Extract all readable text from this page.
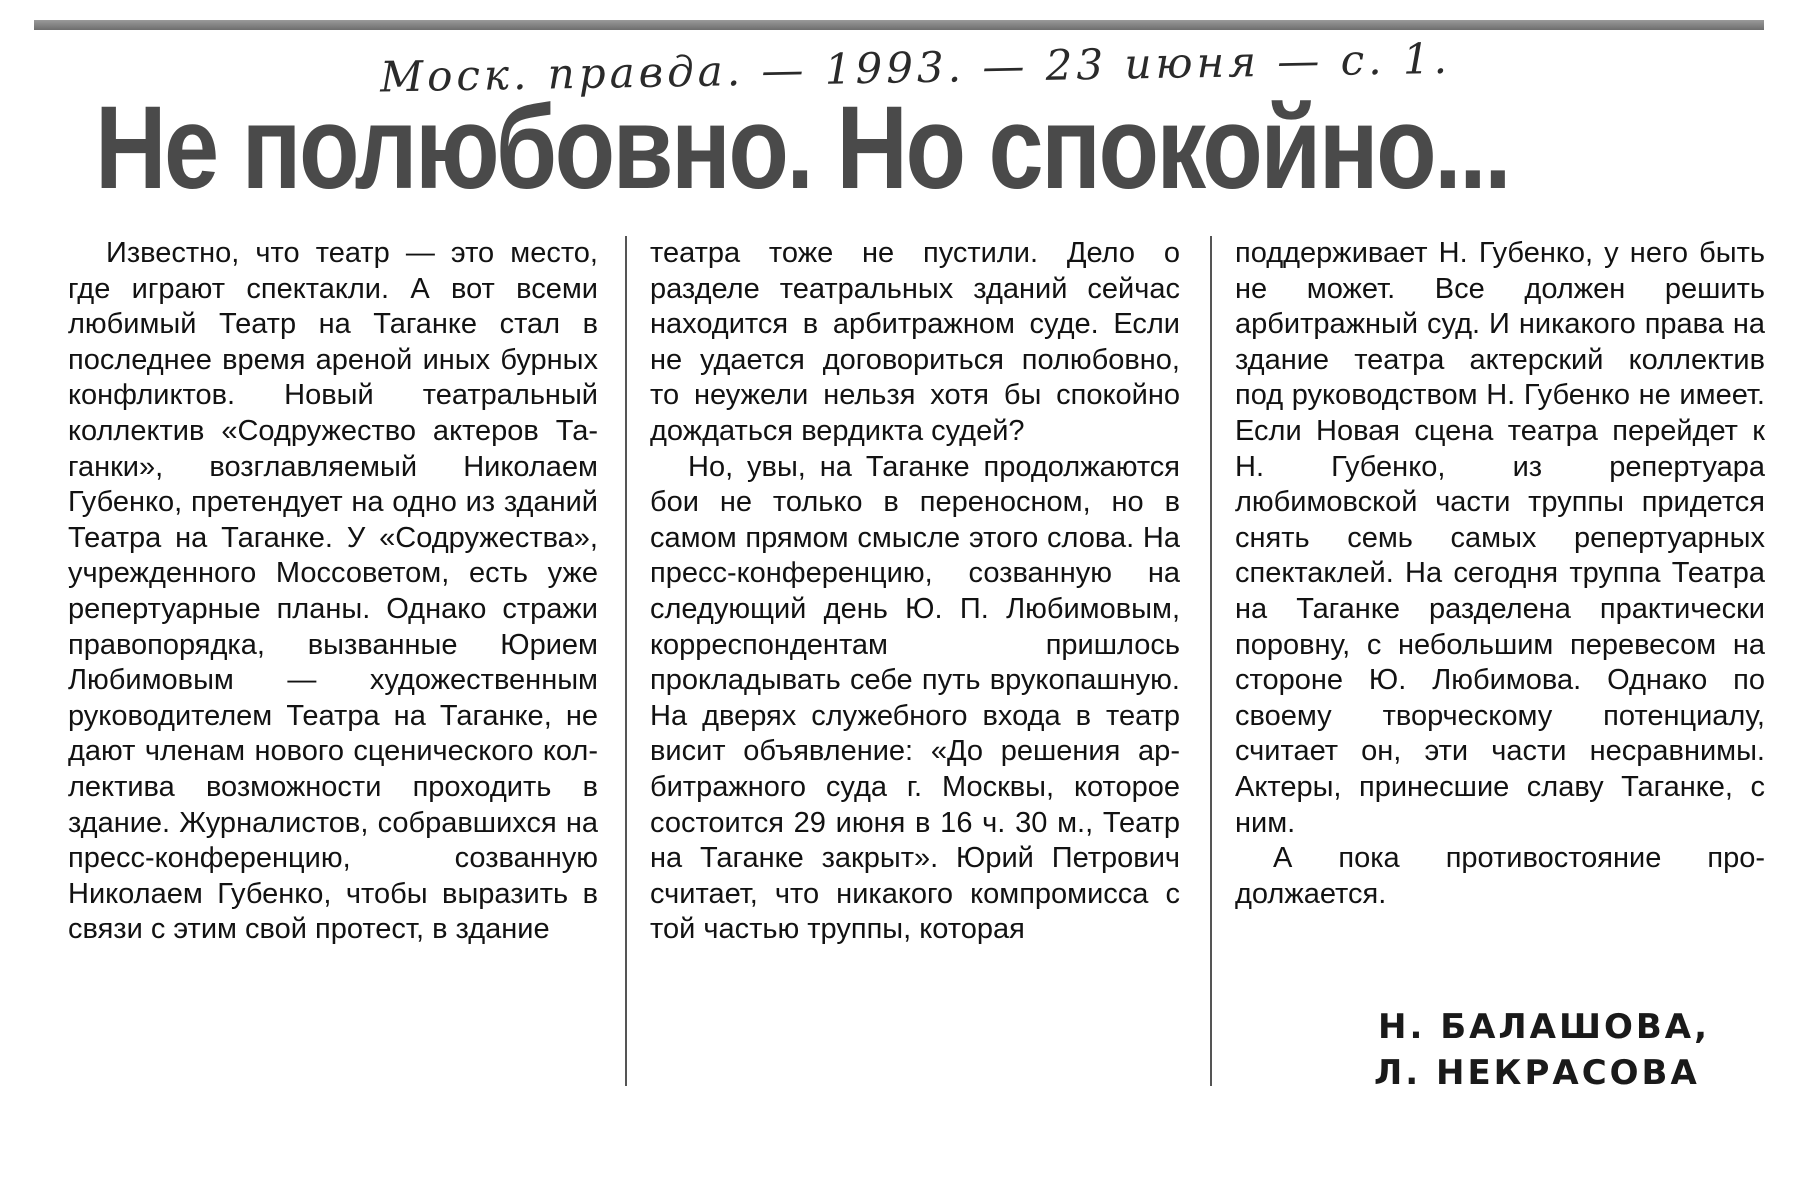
Моск. правда. — 1993. — 23 июня — с. 1.
Не полюбовно. Но спокойно...

Известно, что театр — это место, где играют спектакли. А вот всеми любимый Театр на Таганке стал в последнее время ареной иных бурных конфликтов. Новый театральный коллектив «Содружество актеров Таганки», возглавляемый Николаем Губенко, претендует на одно из зданий Театра на Таганке. У «Содружества», учрежденного Моссоветом, есть уже репертуарные планы. Однако стражи правопорядка, вызванные Юрием Любимовым — художественным руководителем Театра на Таганке, не дают членам нового сценического коллектива возможности проходить в здание. Журналистов, собравшихся на пресс-конференцию, созванную Николаем Губенко, чтобы выразить в связи с этим свой протест, в здание

театра тоже не пустили. Дело о разделе театральных зданий сейчас находится в арбитражном суде. Если не удается договориться полюбовно, то неужели нельзя хотя бы спокойно дождаться вердикта судей?

Но, увы, на Таганке продолжаются бои не только в переносном, но в самом прямом смысле этого слова. На пресс-конференцию, созванную на следующий день Ю. П. Любимовым, корреспондентам пришлось прокладывать себе путь врукопашную. На дверях служебного входа в театр висит объявление: «До решения арбитражного суда г. Москвы, которое состоится 29 июня в 16 ч. 30 м., Театр на Таганке закрыт». Юрий Петрович считает, что никакого компромисса с той частью труппы, которая

поддерживает Н. Губенко, у него быть не может. Все должен решить арбитражный суд. И никакого права на здание театра актерский коллектив под руководством Н. Губенко не имеет. Если Новая сцена театра перейдет к Н. Губенко, из репертуара любимовской части труппы придется снять семь самых репертуарных спектаклей. На сегодня труппа Театра на Таганке разделена практически поровну, с небольшим перевесом на стороне Ю. Любимова. Однако по своему творческому потенциалу, считает он, эти части несравнимы. Актеры, принесшие славу Таганке, с ним.

А пока противостояние продолжается.

Н. БАЛАШОВА,
Л. НЕКРАСОВА
